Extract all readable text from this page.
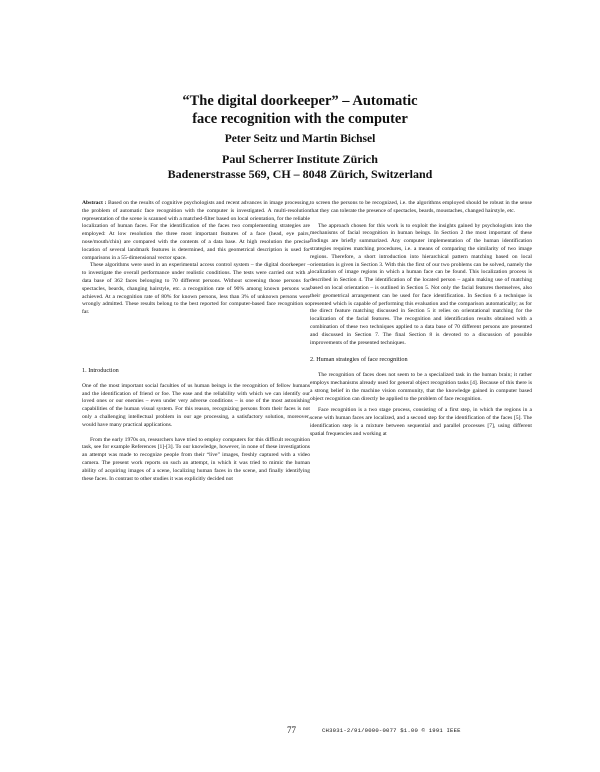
“The digital doorkeeper” – Automatic
face recognition with the computer

Peter Seitz und Martin Bichsel

Paul Scherrer Institute Zürich
Badenerstrasse 569, CH – 8048 Zürich, Switzerland

Abstract : Based on the results of cognitive psychologists and recent advances in image processing, the problem of automatic face recognition with the computer is investigated. A multi-resolution representation of the scene is scanned with a matched-filter based on local orientation, for the reliable localization of human faces. For the identification of the faces two complementing strategies are employed: At low resolution the three most important features of a face (head, eye pairs, nose/mouth/chin) are compared with the contents of a data base. At high resolution the precise location of several landmark features is determined, and this geometrical description is used for comparisons in a 55-dimensional vector space.

These algorithms were used in an experimental access control system – the digital doorkeeper – to investigate the overall performance under realistic conditions. The tests were carried out with a data base of 362 faces belonging to 70 different persons. Without screening those persons for spectacles, beards, changing hairstyle, etc. a recognition rate of 90% among known persons was achieved. At a recognition rate of 80% for known persons, less than 3% of unknown persons were wrongly admitted. These results belong to the best reported for computer-based face recognition so far.

1. Introduction

One of the most important social faculties of us human beings is the recognition of fellow humans and the identification of friend or foe. The ease and the reliability with which we can identify our loved ones or our enemies – even under very adverse conditions – is one of the most astonishing capabilities of the human visual system. For this reason, recognizing persons from their faces is not only a challenging intellectual problem in our age processing, a satisfactory solution, moreover, would have many practical applications.

From the early 1970s on, researchers have tried to employ computers for this difficult recognition task, see for example References [1]-[3]. To our knowledge, however, in none of these investigations an attempt was made to recognize people from their “live” images, freshly captured with a video camera. The present work reports on such an attempt, in which it was tried to mimic the human ability of acquiring images of a scene, localizing human faces in the scene, and finally identifying these faces. In contrast to other studies it was explicitly decided not

to screen the persons to be recognized, i.e. the algorithms employed should be robust in the sense that they can tolerate the presence of spectacles, beards, moustaches, changed hairstyle, etc.

The approach chosen for this work is to exploit the insights gained by psychologists into the mechanisms of facial recognition in human beings. In Section 2 the most important of these findings are briefly summarized. Any computer implementation of the human identification strategies requires matching procedures, i.e. a means of comparing the similarity of two image regions. Therefore, a short introduction into hierarchical pattern matching based on local orientation is given in Section 3. With this the first of our two problems can be solved, namely the localization of image regions in which a human face can be found. This localization process is described in Section 4. The identification of the located person – again making use of matching based on local orientation – is outlined in Section 5. Not only the facial features themselves, also their geometrical arrangement can be used for face identification. In Section 6 a technique is presented which is capable of performing this evaluation and the comparison automatically; as for the direct feature matching discussed in Section 5 it relies on orientational matching for the localization of the facial features. The recognition and identification results obtained with a combination of these two techniques applied to a data base of 70 different persons are presented and discussed in Section 7. The final Section 8 is devoted to a discussion of possible improvements of the presented techniques.

2. Human strategies of face recognition

The recognition of faces does not seem to be a specialized task in the human brain; it rather employs mechanisms already used for general object recognition tasks [4]. Because of this there is a strong belief in the machine vision community, that the knowledge gained in computer based object recognition can directly be applied to the problem of face recognition.

Face recognition is a two stage process, consisting of a first step, in which the regions in a scene with human faces are localized, and a second step for the identification of the faces [5]. The identification step is a mixture between sequential and parallel processes [7], using different spatial frequencies and working at

77	CH3031-2/91/0000-0077 $1.00 © 1991 IEEE
